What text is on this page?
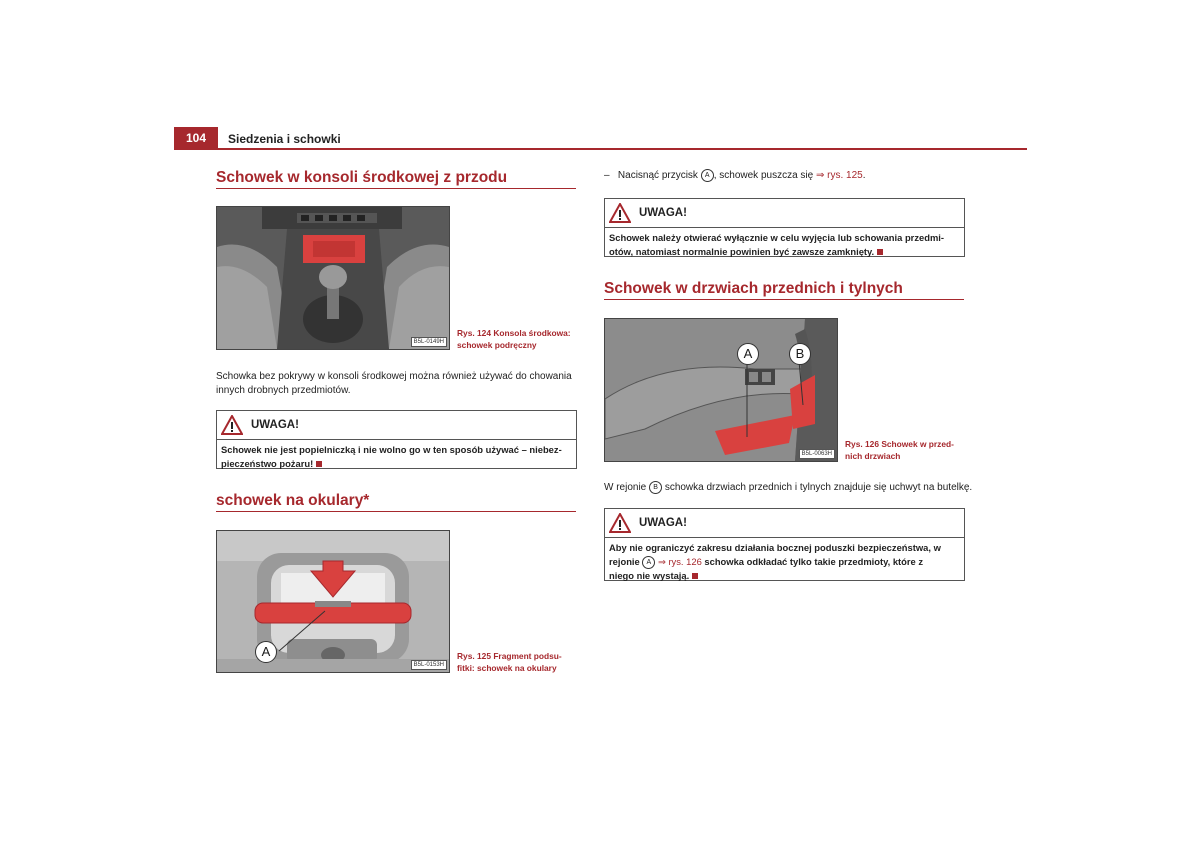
104	Siedzenia i schowki
Schowek w konsoli środkowej z przodu
B5L-0149H
Rys. 124 Konsola środkowa:
schowek podręczny
Schowka bez pokrywy w konsoli środkowej można również używać do chowania
innych drobnych przedmiotów.
UWAGA!
Schowek nie jest popielniczką i nie wolno go w ten sposób używać – niebez-
pieczeństwo pożaru!
schowek na okulary*
A
B5L-0153H
Rys. 125 Fragment podsu-
fitki: schowek na okulary
– Nacisnąć przycisk A , schowek puszcza się ⇒ rys. 125.
UWAGA!
Schowek należy otwierać wyłącznie w celu wyjęcia lub schowania przedmi-
otów, natomiast normalnie powinien być zawsze zamknięty.
Schowek w drzwiach przednich i tylnych
A	B
B5L-0063H
Rys. 126 Schowek w przed-
nich drzwiach
W rejonie B schowka drzwiach przednich i tylnych znajduje się uchwyt na butelkę.
UWAGA!
Aby nie ograniczyć zakresu działania bocznej poduszki bezpieczeństwa, w
rejonie A ⇒ rys. 126 schowka odkładać tylko takie przedmioty, które z
niego nie wystają.
